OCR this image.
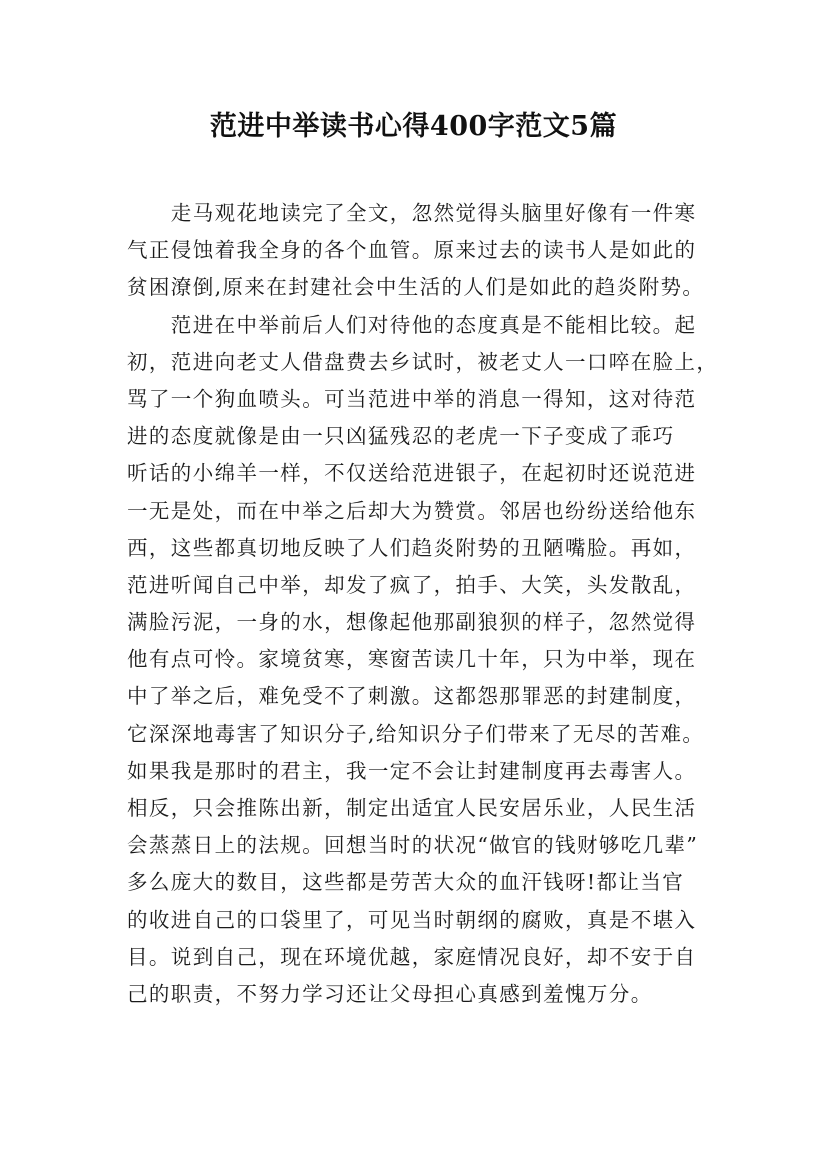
范进中举读书心得400字范文5篇
　　走马观花地读完了全文，忽然觉得头脑里好像有一件寒
气正侵蚀着我全身的各个血管。原来过去的读书人是如此的
贫困潦倒,原来在封建社会中生活的人们是如此的趋炎附势。
　　范进在中举前后人们对待他的态度真是不能相比较。起
初，范进向老丈人借盘费去乡试时，被老丈人一口啐在脸上，
骂了一个狗血喷头。可当范进中举的消息一得知，这对待范
进的态度就像是由一只凶猛残忍的老虎一下子变成了乖巧
听话的小绵羊一样，不仅送给范进银子，在起初时还说范进
一无是处，而在中举之后却大为赞赏。邻居也纷纷送给他东
西，这些都真切地反映了人们趋炎附势的丑陋嘴脸。再如，
范进听闻自己中举，却发了疯了，拍手、大笑，头发散乱，
满脸污泥，一身的水，想像起他那副狼狈的样子，忽然觉得
他有点可怜。家境贫寒，寒窗苦读几十年，只为中举，现在
中了举之后，难免受不了刺激。这都怨那罪恶的封建制度，
它深深地毒害了知识分子,给知识分子们带来了无尽的苦难。
如果我是那时的君主，我一定不会让封建制度再去毒害人。
相反，只会推陈出新，制定出适宜人民安居乐业，人民生活
会蒸蒸日上的法规。回想当时的状况“做官的钱财够吃几辈”
多么庞大的数目，这些都是劳苦大众的血汗钱呀!都让当官
的收进自己的口袋里了，可见当时朝纲的腐败，真是不堪入
目。说到自己，现在环境优越，家庭情况良好，却不安于自
己的职责，不努力学习还让父母担心真感到羞愧万分。
